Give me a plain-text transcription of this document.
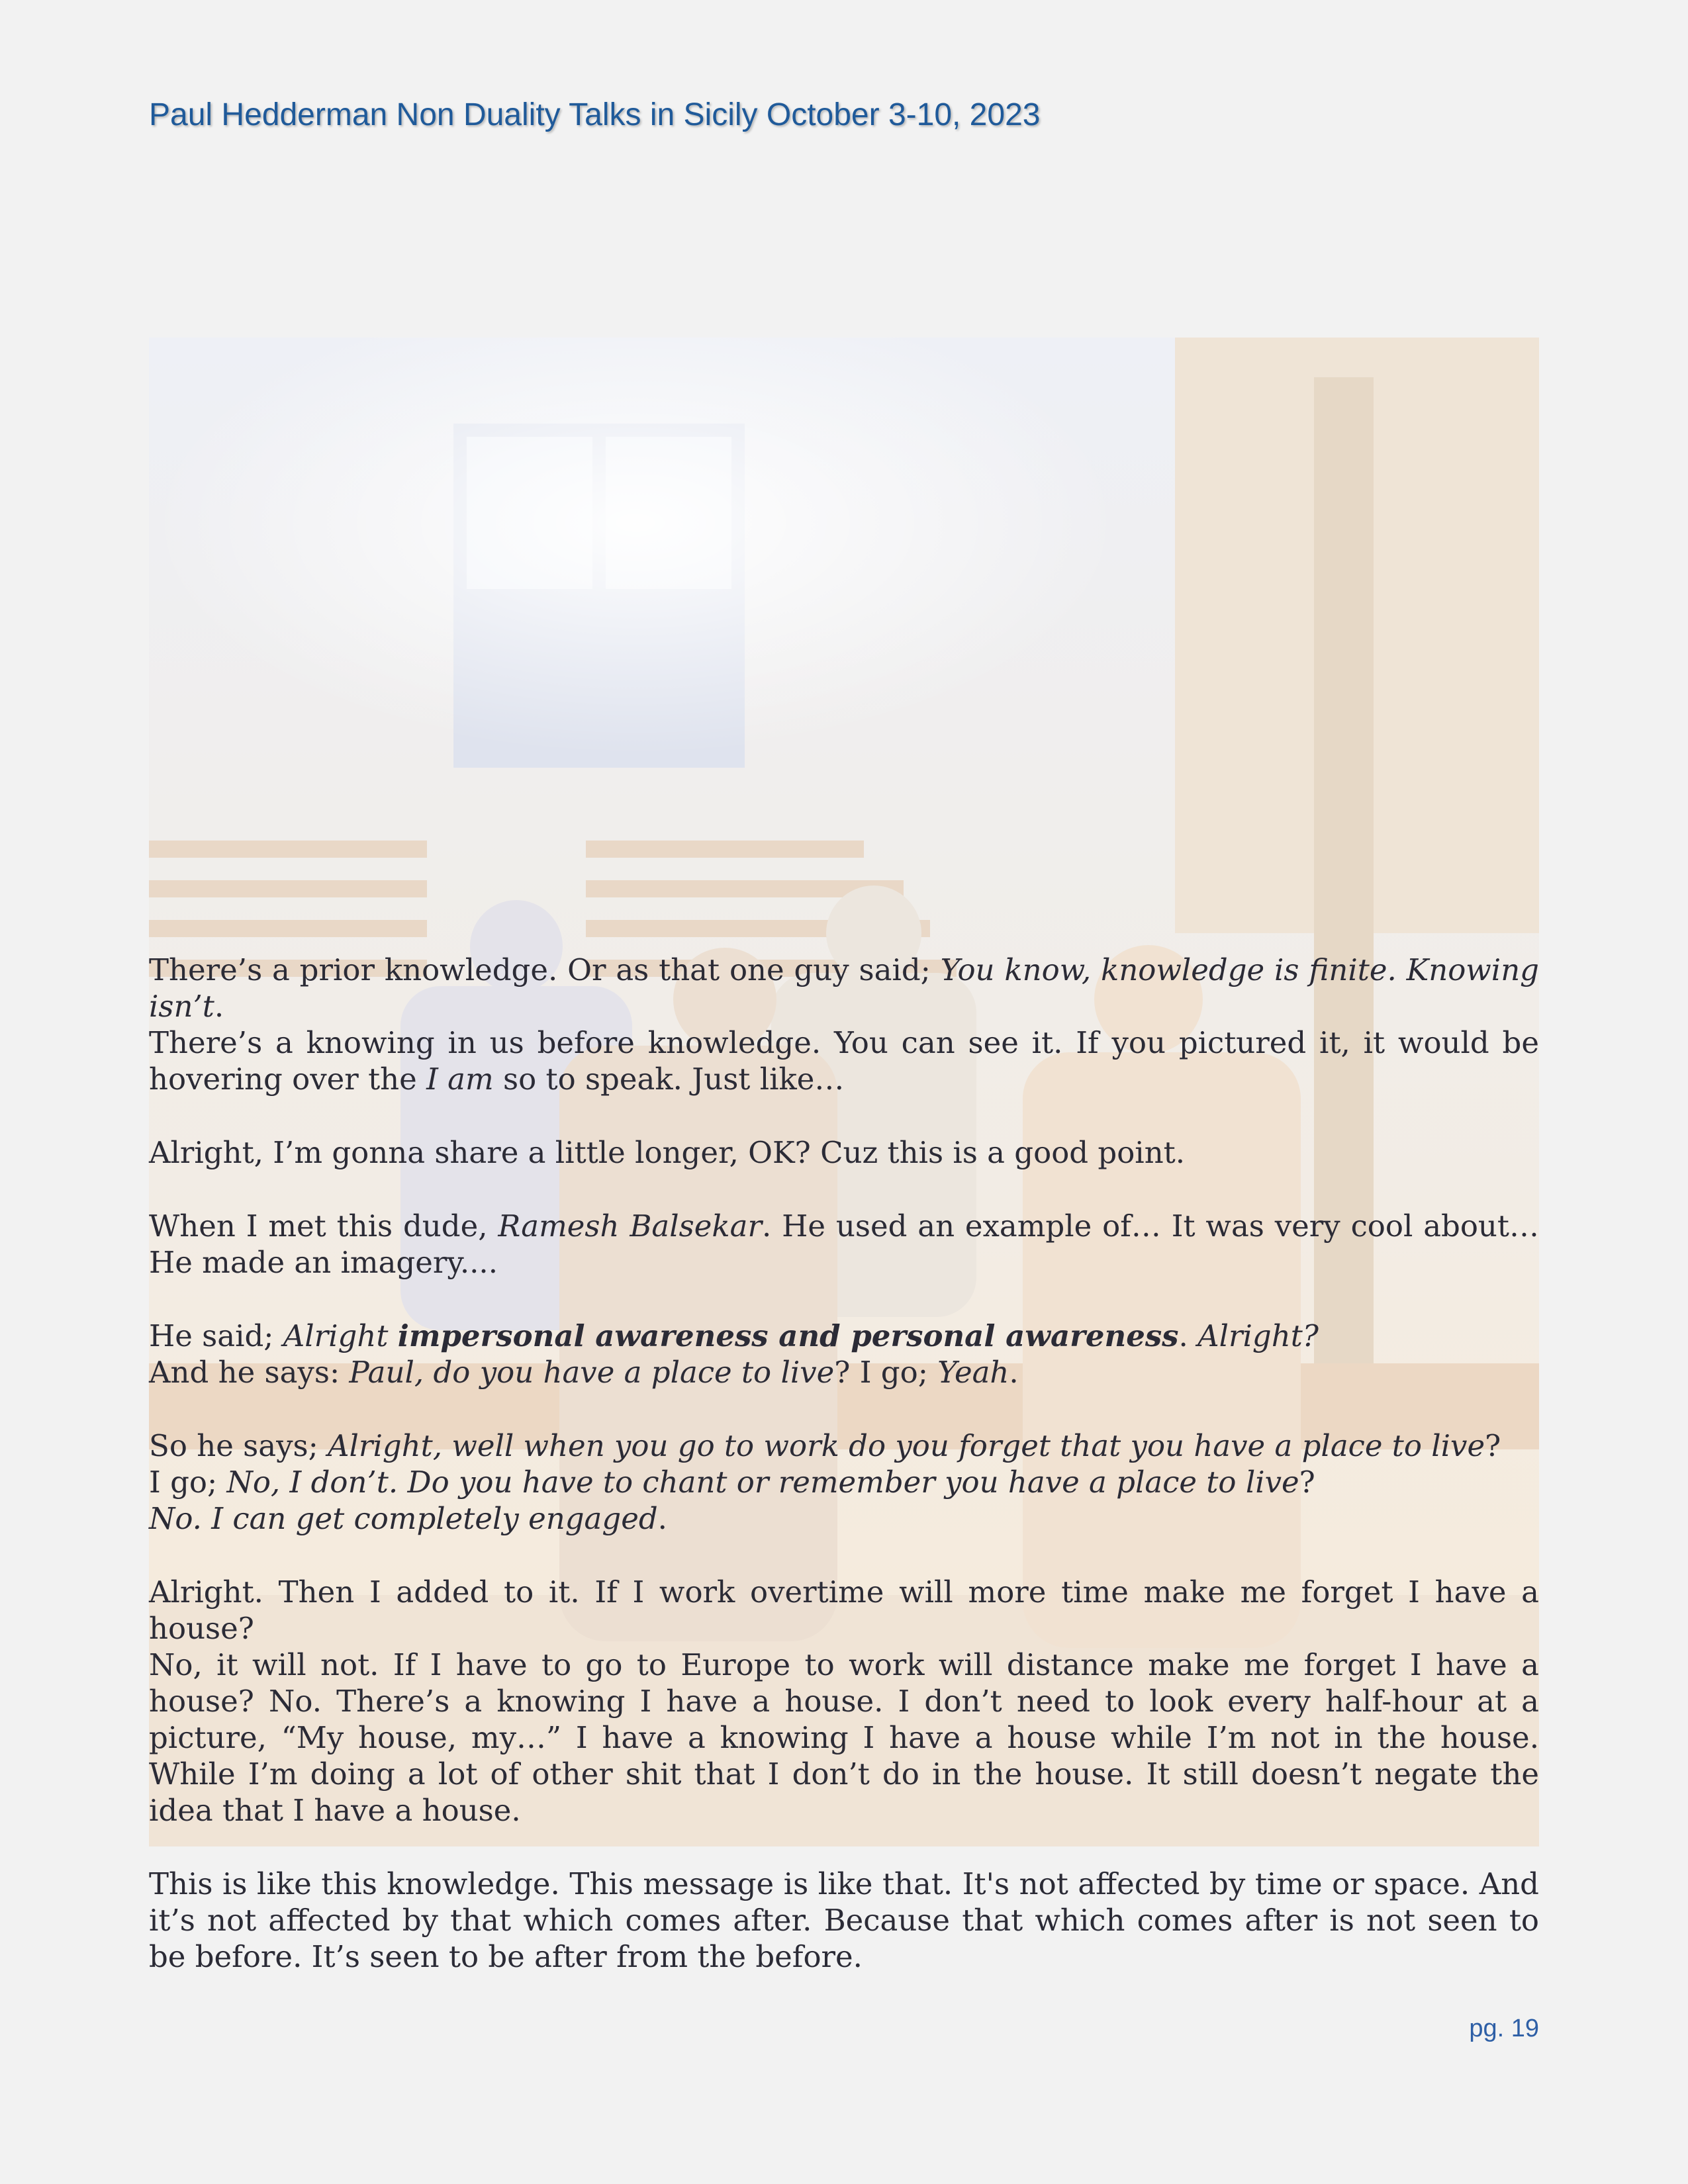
Paul Hedderman Non Duality Talks in Sicily October 3-10, 2023

There’s a prior knowledge. Or as that one guy said; You know, knowledge is finite. Knowing isn’t.
There’s a knowing in us before knowledge. You can see it. If you pictured it, it would be hovering over the I am so to speak. Just like…

Alright, I’m gonna share a little longer, OK? Cuz this is a good point.

When I met this dude, Ramesh Balsekar. He used an example of… It was very cool about… He made an imagery....

He said; Alright impersonal awareness and personal awareness. Alright?
And he says: Paul, do you have a place to live? I go; Yeah.

So he says; Alright, well when you go to work do you forget that you have a place to live?
I go; No, I don’t. Do you have to chant or remember you have a place to live?
No. I can get completely engaged.

Alright. Then I added to it. If I work overtime will more time make me forget I have a house?
No, it will not. If I have to go to Europe to work will distance make me forget I have a house? No. There’s a knowing I have a house. I don’t need to look every half-hour at a picture, “My house, my…” I have a knowing I have a house while I’m not in the house. While I’m doing a lot of other shit that I don’t do in the house. It still doesn’t negate the idea that I have a house.

This is like this knowledge. This message is like that. It's not affected by time or space. And it’s not affected by that which comes after. Because that which comes after is not seen to be before. It’s seen to be after from the before.

pg. 19
